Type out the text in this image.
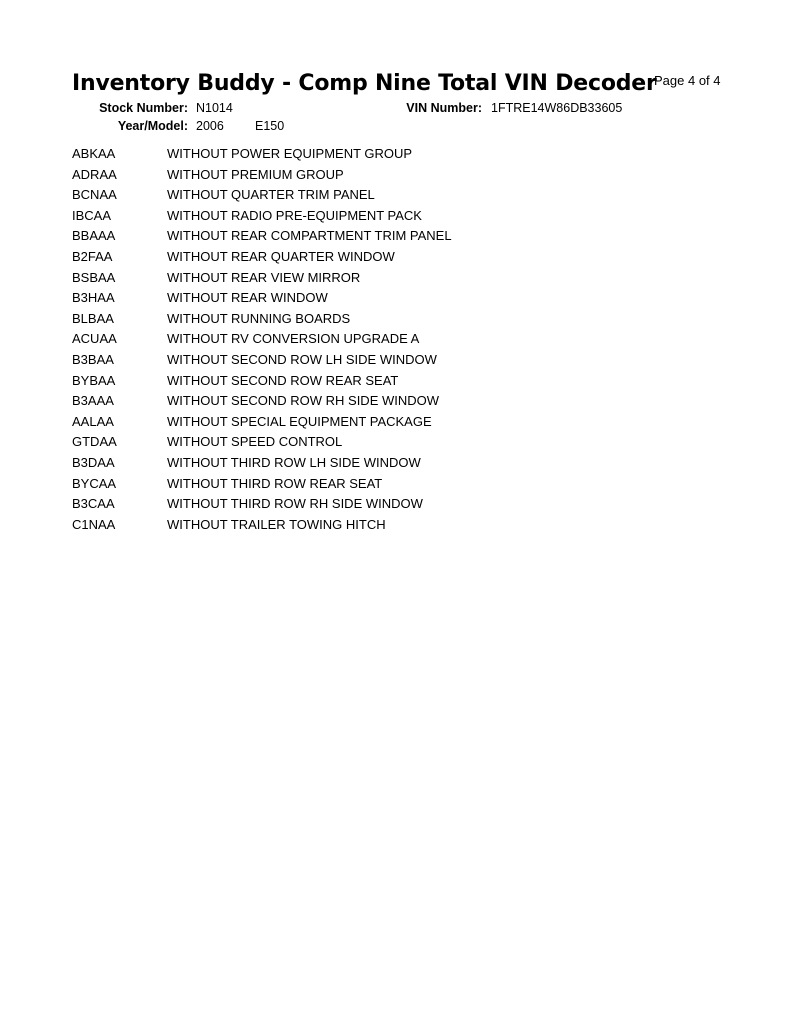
Inventory Buddy - Comp Nine Total VIN Decoder
Page 4 of 4
Stock Number: N1014	VIN Number: 1FTRE14W86DB33605
Year/Model: 2006 E150
ABKAA	WITHOUT POWER EQUIPMENT GROUP
ADRAA	WITHOUT PREMIUM GROUP
BCNAA	WITHOUT QUARTER TRIM PANEL
IBCAA	WITHOUT RADIO PRE-EQUIPMENT PACK
BBAAA	WITHOUT REAR COMPARTMENT TRIM PANEL
B2FAA	WITHOUT REAR QUARTER WINDOW
BSBAA	WITHOUT REAR VIEW MIRROR
B3HAA	WITHOUT REAR WINDOW
BLBAA	WITHOUT RUNNING BOARDS
ACUAA	WITHOUT RV CONVERSION UPGRADE A
B3BAA	WITHOUT SECOND ROW LH SIDE WINDOW
BYBAA	WITHOUT SECOND ROW REAR SEAT
B3AAA	WITHOUT SECOND ROW RH SIDE WINDOW
AALAA	WITHOUT SPECIAL EQUIPMENT PACKAGE
GTDAA	WITHOUT SPEED CONTROL
B3DAA	WITHOUT THIRD ROW LH SIDE WINDOW
BYCAA	WITHOUT THIRD ROW REAR SEAT
B3CAA	WITHOUT THIRD ROW RH SIDE WINDOW
C1NAA	WITHOUT TRAILER TOWING HITCH
